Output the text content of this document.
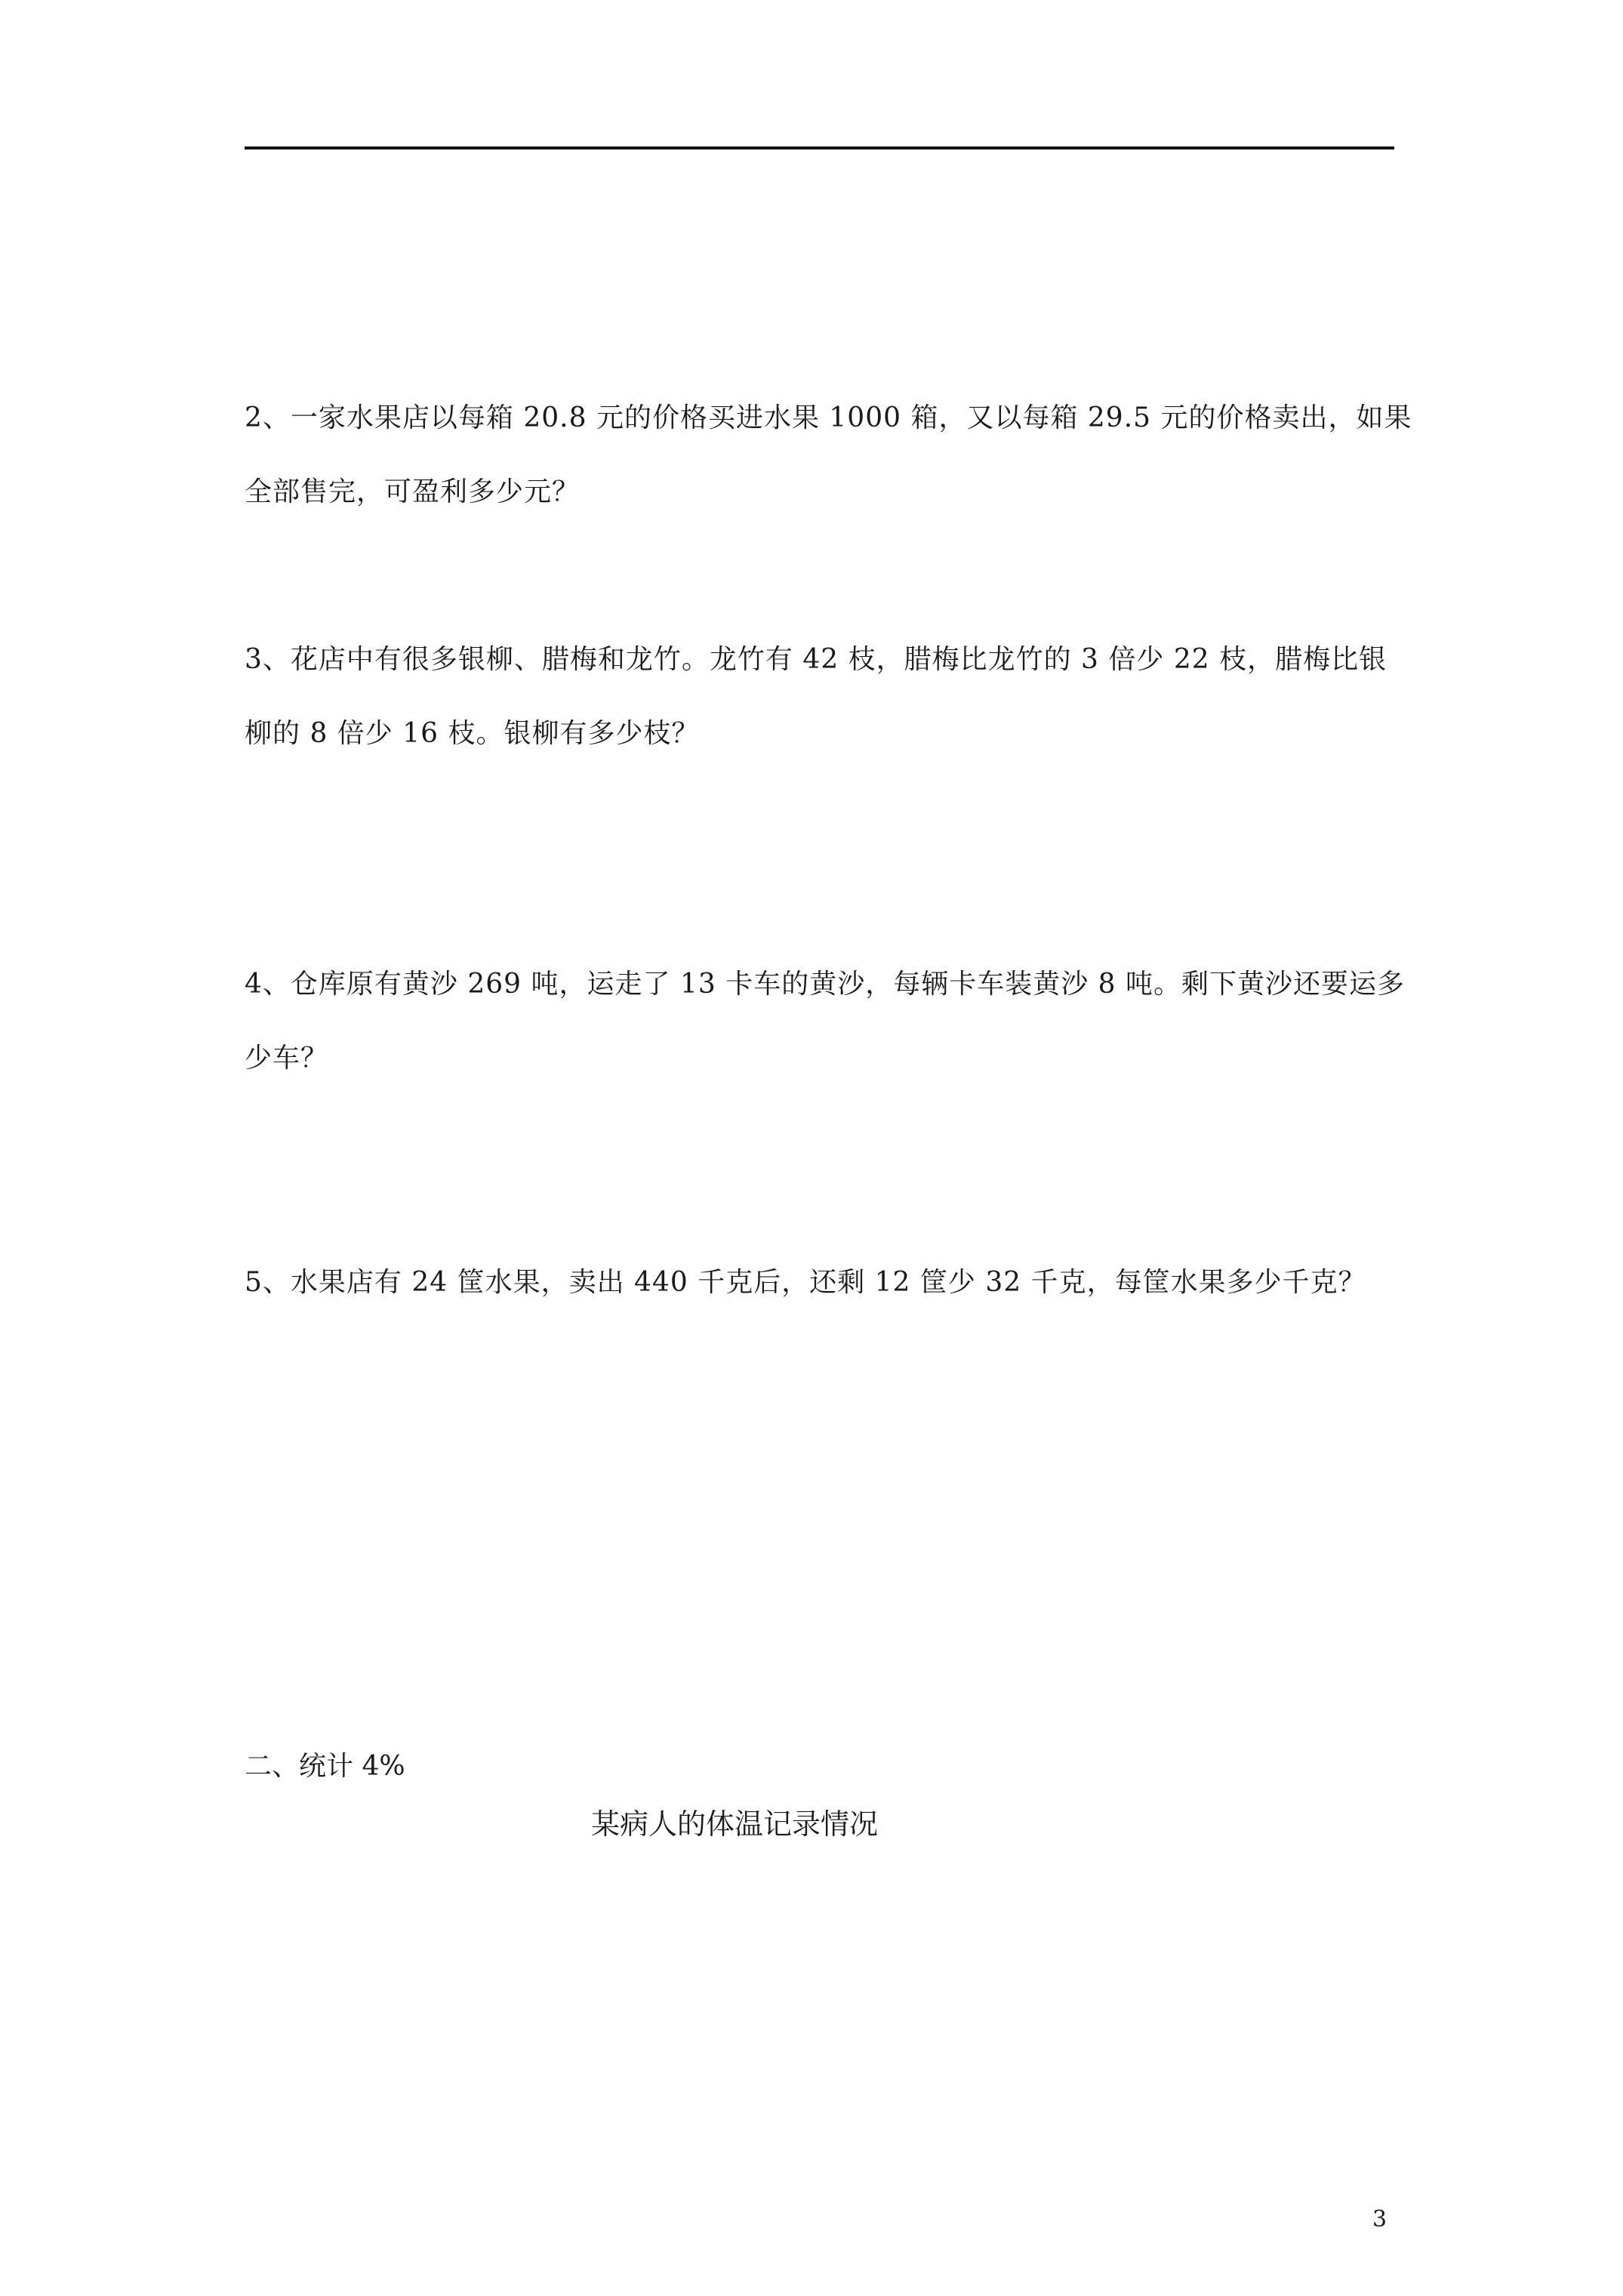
2、一家水果店以每箱 20.8 元的价格买进水果 1000 箱，又以每箱 29.5 元的价格卖出，如果
全部售完，可盈利多少元？
3、花店中有很多银柳、腊梅和龙竹。龙竹有 42 枝，腊梅比龙竹的 3 倍少 22 枝，腊梅比银
柳的 8 倍少 16 枝。银柳有多少枝？
4、仓库原有黄沙 269 吨，运走了 13 卡车的黄沙，每辆卡车装黄沙 8 吨。剩下黄沙还要运多
少车？
5、水果店有 24 筐水果，卖出 440 千克后，还剩 12 筐少 32 千克，每筐水果多少千克？
二、统计 4%
某病人的体温记录情况
3
